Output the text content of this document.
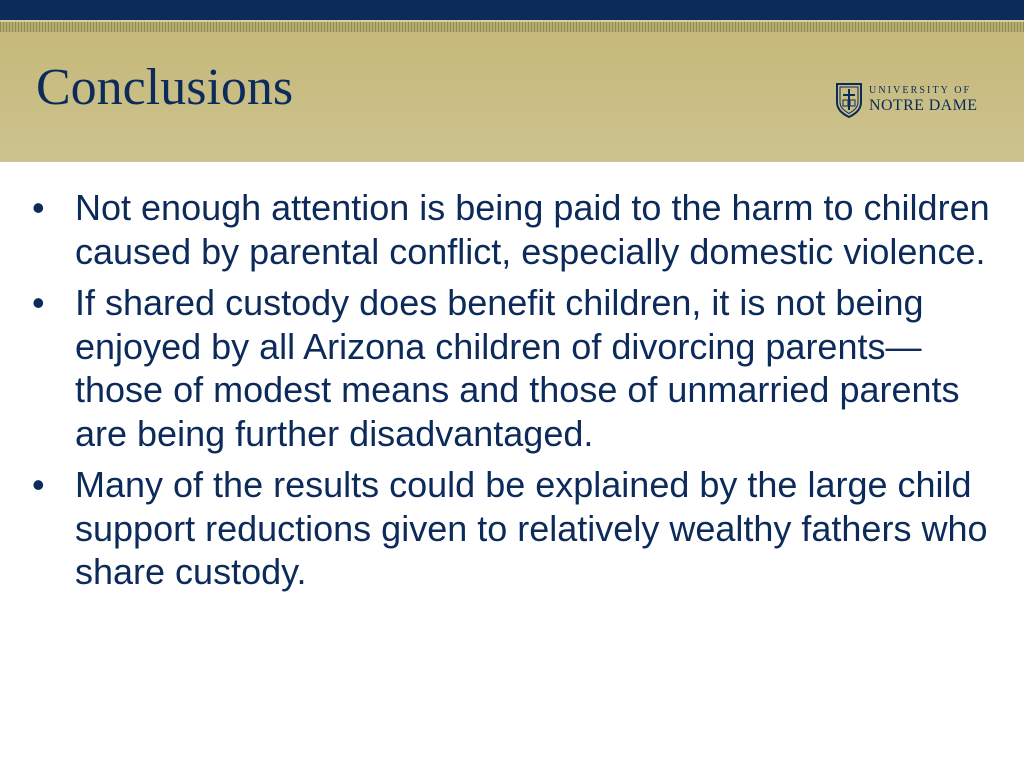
Conclusions	UNIVERSITY OF
NOTRE DAME
• Not enough attention is being paid to the harm to children caused by parental conflict, especially domestic violence.
• If shared custody does benefit children, it is not being enjoyed by all Arizona children of divorcing parents—those of modest means and those of unmarried parents are being further disadvantaged.
• Many of the results could be explained by the large child support reductions given to relatively wealthy fathers who share custody.
